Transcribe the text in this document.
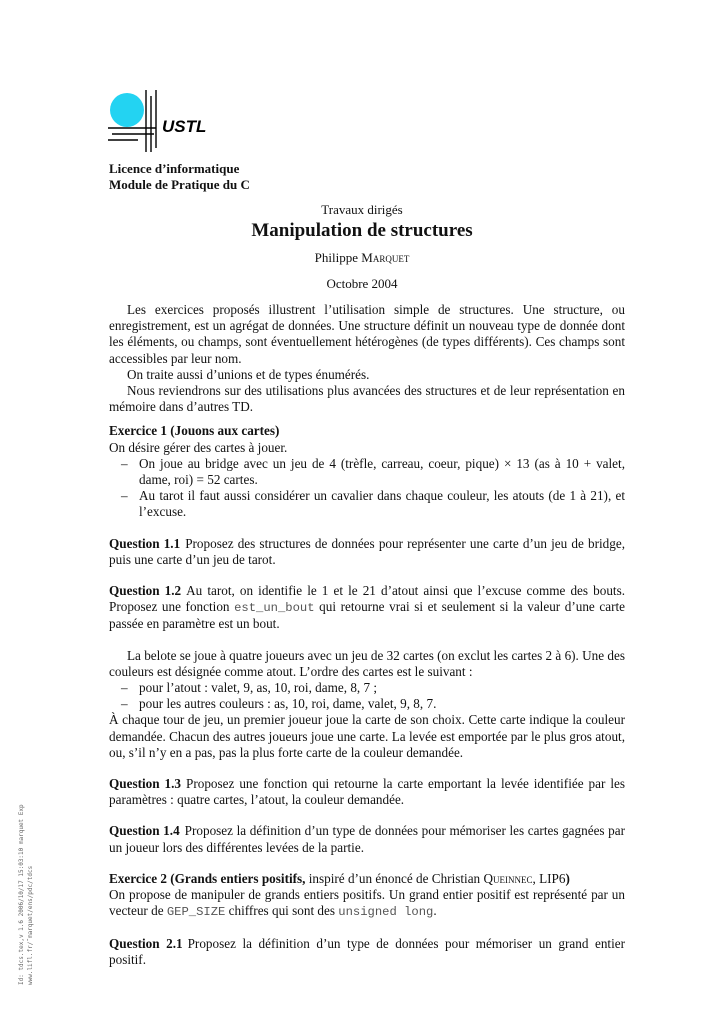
USTL
Licence d’informatique
Module de Pratique du C
Travaux dirigés
Manipulation de structures
Philippe Marquet
Octobre 2004

Les exercices proposés illustrent l’utilisation simple de structures. Une structure, ou enregistrement, est un agrégat de données. Une structure définit un nouveau type de donnée dont les éléments, ou champs, sont éventuellement hétérogènes (de types différents). Ces champs sont accessibles par leur nom.

On traite aussi d’unions et de types énumérés.

Nous reviendrons sur des utilisations plus avancées des structures et de leur représentation en mémoire dans d’autres TD.

Exercice 1 (Jouons aux cartes)

On désire gérer des cartes à jouer.

– On joue au bridge avec un jeu de 4 (trèfle, carreau, coeur, pique) × 13 (as à 10 + valet, dame, roi) = 52 cartes.
– Au tarot il faut aussi considérer un cavalier dans chaque couleur, les atouts (de 1 à 21), et l’excuse.

Question 1.1 Proposez des structures de données pour représenter une carte d’un jeu de bridge, puis une carte d’un jeu de tarot.

Question 1.2 Au tarot, on identifie le 1 et le 21 d’atout ainsi que l’excuse comme des bouts. Proposez une fonction est_un_bout qui retourne vrai si et seulement si la valeur d’une carte passée en paramètre est un bout.

La belote se joue à quatre joueurs avec un jeu de 32 cartes (on exclut les cartes 2 à 6). Une des couleurs est désignée comme atout. L’ordre des cartes est le suivant :

– pour l’atout : valet, 9, as, 10, roi, dame, 8, 7 ;
– pour les autres couleurs : as, 10, roi, dame, valet, 9, 8, 7.

À chaque tour de jeu, un premier joueur joue la carte de son choix. Cette carte indique la couleur demandée. Chacun des autres joueurs joue une carte. La levée est emportée par le plus gros atout, ou, s’il n’y en a pas, pas la plus forte carte de la couleur demandée.

Question 1.3 Proposez une fonction qui retourne la carte emportant la levée identifiée par les paramètres : quatre cartes, l’atout, la couleur demandée.

Question 1.4 Proposez la définition d’un type de données pour mémoriser les cartes gagnées par un joueur lors des différentes levées de la partie.

Exercice 2 (Grands entiers positifs, inspiré d’un énoncé de Christian Queinnec, LIP6)

On propose de manipuler de grands entiers positifs. Un grand entier positif est représenté par un vecteur de GEP_SIZE chiffres qui sont des unsigned long.

Question 2.1 Proposez la définition d’un type de données pour mémoriser un grand entier positif.

Id: tdcs.tex,v 1.6 2006/10/17 15:03:10 marquet Exp www.lifl.fr/˜marquet/ens/pdc/tdcs
